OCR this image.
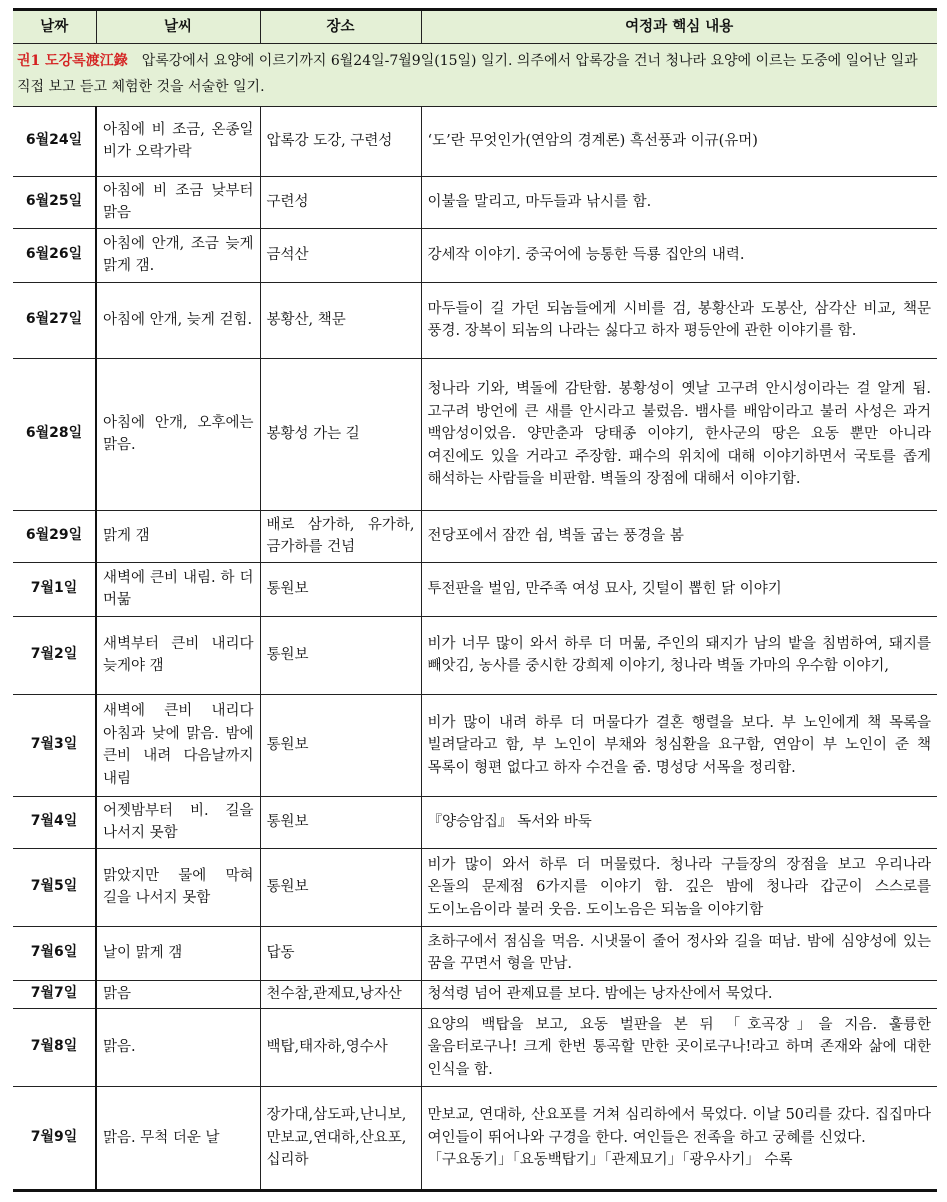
날짜	날씨	장소	여정과 핵심 내용
권1 도강록渡江錄 압록강에서 요양에 이르기까지 6월24일-7월9일(15일) 일기. 의주에서 압록강을 건너 청나라 요양에 이르는 도중에 일어난 일과 직접 보고 듣고 체험한 것을 서술한 일기.			
6월24일	아침에 비 조금, 온종일 비가 오락가락	압록강 도강, 구련성	‘도’란 무엇인가(연암의 경계론) 흑선풍과 이규(유머)

6월25일	아침에 비 조금 낮부터 맑음	구련성	이불을 말리고, 마두들과 낚시를 함.

6월26일	아침에 안개, 조금 늦게 맑게 갬.	금석산	강세작 이야기. 중국어에 능통한 득룡 집안의 내력.

6월27일	아침에 안개, 늦게 걷힘.	봉황산, 책문	마두들이 길 가던 되놈들에게 시비를 검, 봉황산과 도봉산, 삼각산 비교, 책문 풍경. 장복이 되놈의 나라는 싫다고 하자 평등안에 관한 이야기를 함.

6월28일	아침에 안개, 오후에는 맑음.	봉황성 가는 길	청나라 기와, 벽돌에 감탄함. 봉황성이 옛날 고구려 안시성이라는 걸 알게 됨. 고구려 방언에 큰 새를 안시라고 불렀음. 뱀사를 배암이라고 불러 사성은 과거 백암성이었음. 양만춘과 당태종 이야기, 한사군의 땅은 요동 뿐만 아니라 여진에도 있을 거라고 주장함. 패수의 위치에 대해 이야기하면서 국토를 좁게 해석하는 사람들을 비판함. 벽돌의 장점에 대해서 이야기함.

6월29일	맑게 갬	배로 삼가하, 유가하, 금가하를 건넘	전당포에서 잠깐 쉼, 벽돌 굽는 풍경을 봄

7월1일	새벽에 큰비 내림. 하 더 머묾	통원보	투전판을 벌임, 만주족 여성 묘사, 깃털이 뽑힌 닭 이야기

7월2일	새벽부터 큰비 내리다 늦게야 갬	통원보	비가 너무 많이 와서 하루 더 머묾, 주인의 돼지가 남의 밭을 침범하여, 돼지를 빼앗김, 농사를 중시한 강희제 이야기, 청나라 벽돌 가마의 우수함 이야기,

7월3일	새벽에 큰비 내리다 아침과 낮에 맑음. 밤에 큰비 내려 다음날까지 내림	통원보	비가 많이 내려 하루 더 머물다가 결혼 행렬을 보다. 부 노인에게 책 목록을 빌려달라고 함, 부 노인이 부채와 청심환을 요구함, 연암이 부 노인이 준 책 목록이 형편 없다고 하자 수건을 줌. 명성당 서목을 정리함.

7월4일	어젯밤부터 비. 길을 나서지 못함	통원보	『양승암집』 독서와 바둑

7월5일	맑았지만 물에 막혀 길을 나서지 못함	통원보	비가 많이 와서 하루 더 머물렀다. 청나라 구들장의 장점을 보고 우리나라 온돌의 문제점 6가지를 이야기 함. 깊은 밤에 청나라 갑군이 스스로를 도이노음이라 불러 웃음. 도이노음은 되놈을 이야기함

7월6일	날이 맑게 갬	답동	초하구에서 점심을 먹음. 시냇물이 줄어 정사와 길을 떠남. 밤에 심양성에 있는 꿈을 꾸면서 형을 만남.

7월7일	맑음	천수참,관제묘,낭자산	청석령 넘어 관제묘를 보다. 밤에는 낭자산에서 묵었다.

7월8일	맑음.	백탑,태자하,영수사	요양의 백탑을 보고, 요동 벌판을 본 뒤 「호곡장」을 지음. 훌륭한 울음터로구나! 크게 한번 통곡할 만한 곳이로구나!라고 하며 존재와 삶에 대한 인식을 함.

7월9일	맑음. 무척 더운 날	장가대,삼도파,난니보,만보교,연대하,산요포,십리하	만보교, 연대하, 산요포를 거쳐 심리하에서 묵었다. 이날 50리를 갔다. 집집마다 여인들이 뛰어나와 구경을 한다. 여인들은 전족을 하고 궁혜를 신었다.
「구요동기」「요동백탑기」「관제묘기」「광우사기」 수록
